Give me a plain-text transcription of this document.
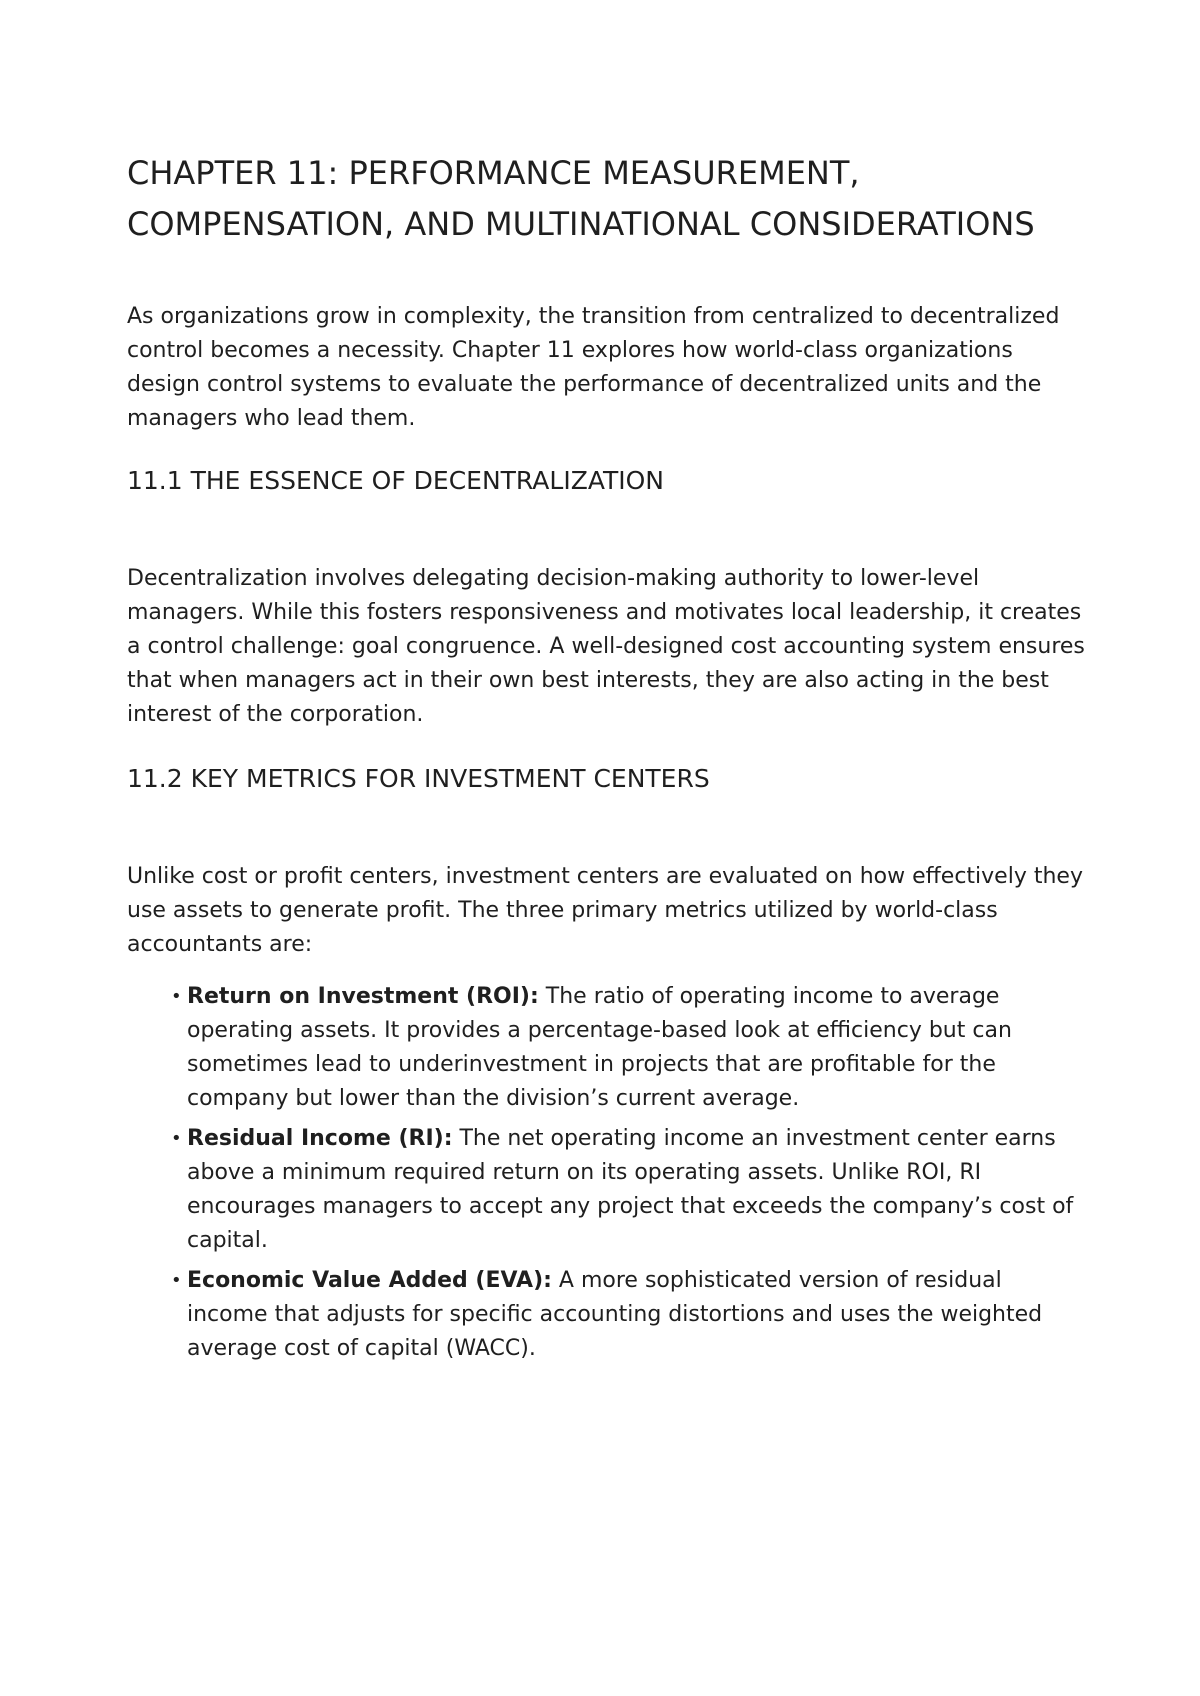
CHAPTER 11: PERFORMANCE MEASUREMENT, COMPENSATION, AND MULTINATIONAL CONSIDERATIONS

As organizations grow in complexity, the transition from centralized to decentralized control becomes a necessity. Chapter 11 explores how world-class organizations design control systems to evaluate the performance of decentralized units and the managers who lead them.

11.1 THE ESSENCE OF DECENTRALIZATION

Decentralization involves delegating decision-making authority to lower-level managers. While this fosters responsiveness and motivates local leadership, it creates a control challenge: goal congruence. A well-designed cost accounting system ensures that when managers act in their own best interests, they are also acting in the best interest of the corporation.

11.2 KEY METRICS FOR INVESTMENT CENTERS

Unlike cost or profit centers, investment centers are evaluated on how effectively they use assets to generate profit. The three primary metrics utilized by world-class accountants are:

• Return on Investment (ROI): The ratio of operating income to average operating assets. It provides a percentage-based look at efficiency but can sometimes lead to underinvestment in projects that are profitable for the company but lower than the division’s current average.
• Residual Income (RI): The net operating income an investment center earns above a minimum required return on its operating assets. Unlike ROI, RI encourages managers to accept any project that exceeds the company’s cost of capital.
• Economic Value Added (EVA): A more sophisticated version of residual income that adjusts for specific accounting distortions and uses the weighted average cost of capital (WACC).
